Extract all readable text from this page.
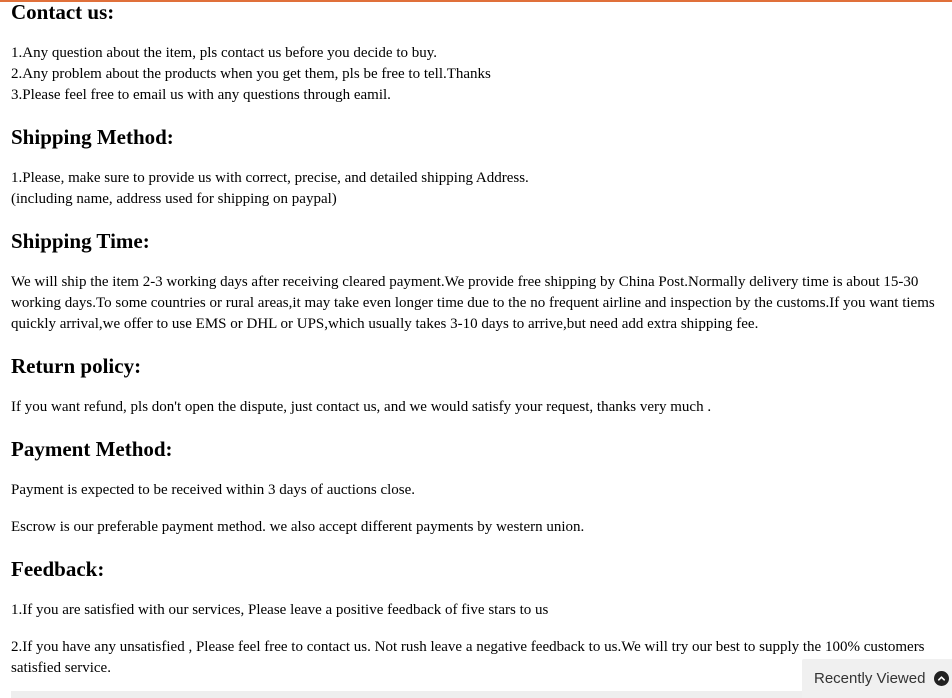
Contact us:

1.Any question about the item, pls contact us before you decide to buy.

2.Any problem about the products when you get them, pls be free to tell.Thanks

3.Please feel free to email us with any questions through eamil.

Shipping Method:

1.Please, make sure to provide us with correct, precise, and detailed shipping Address.

(including name, address used for shipping on paypal)

Shipping Time:

We will ship the item 2-3 working days after receiving cleared payment.We provide free shipping by China Post.Normally delivery time is about 15-30 working days.To some countries or rural areas,it may take even longer time due to the no frequent airline and inspection by the customs.If you want tiems quickly arrival,we offer to use EMS or DHL or UPS,which usually takes 3-10 days to arrive,but need add extra shipping fee.

Return policy:

If you want refund, pls don't open the dispute, just contact us, and we would satisfy your request, thanks very much .

Payment Method:

Payment is expected to be received within 3 days of auctions close.

Escrow is our preferable payment method. we also accept different payments by western union.

Feedback:

1.If you are satisfied with our services, Please leave a positive feedback of five stars to us

2.If you have any unsatisfied , Please feel free to contact us. Not rush leave a negative feedback to us.We will try our best to supply the 100% customers satisfied service.

Recently Viewed
